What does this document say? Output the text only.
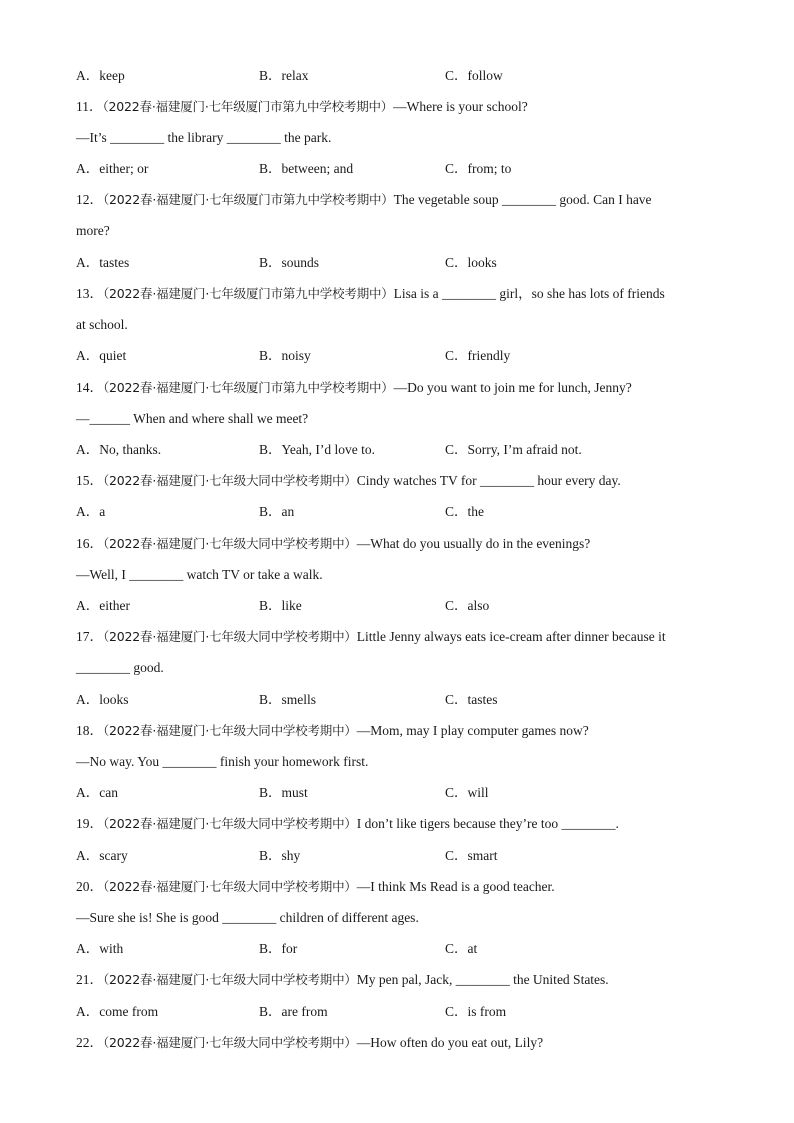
A．keep	B．relax	C．follow
11．（2022春·福建厦门·七年级厦门市第九中学校考期中）—Where is your school?
—It’s ________ the library ________ the park.
A．either; or	B．between; and	C．from; to
12．（2022春·福建厦门·七年级厦门市第九中学校考期中）The vegetable soup ________ good. Can I have
more?
A．tastes	B．sounds	C．looks
13．（2022春·福建厦门·七年级厦门市第九中学校考期中）Lisa is a ________ girl，so she has lots of friends
at school.
A．quiet	B．noisy	C．friendly
14．（2022春·福建厦门·七年级厦门市第九中学校考期中）—Do you want to join me for lunch, Jenny?
—______ When and where shall we meet?
A．No, thanks.	B．Yeah, I’d love to.	C．Sorry, I’m afraid not.
15．（2022春·福建厦门·七年级大同中学校考期中）Cindy watches TV for ________ hour every day.
A．a	B．an	C．the
16．（2022春·福建厦门·七年级大同中学校考期中）—What do you usually do in the evenings?
—Well, I ________ watch TV or take a walk.
A．either	B．like	C．also
17．（2022春·福建厦门·七年级大同中学校考期中）Little Jenny always eats ice-cream after dinner because it
________ good.
A．looks	B．smells	C．tastes
18．（2022春·福建厦门·七年级大同中学校考期中）—Mom, may I play computer games now?
—No way. You ________ finish your homework first.
A．can	B．must	C．will
19．（2022春·福建厦门·七年级大同中学校考期中）I don’t like tigers because they’re too ________.
A．scary	B．shy	C．smart
20．（2022春·福建厦门·七年级大同中学校考期中）—I think Ms Read is a good teacher.
—Sure she is! She is good ________ children of different ages.
A．with	B．for	C．at
21．（2022春·福建厦门·七年级大同中学校考期中）My pen pal, Jack, ________ the United States.
A．come from	B．are from	C．is from
22．（2022春·福建厦门·七年级大同中学校考期中）—How often do you eat out, Lily?
